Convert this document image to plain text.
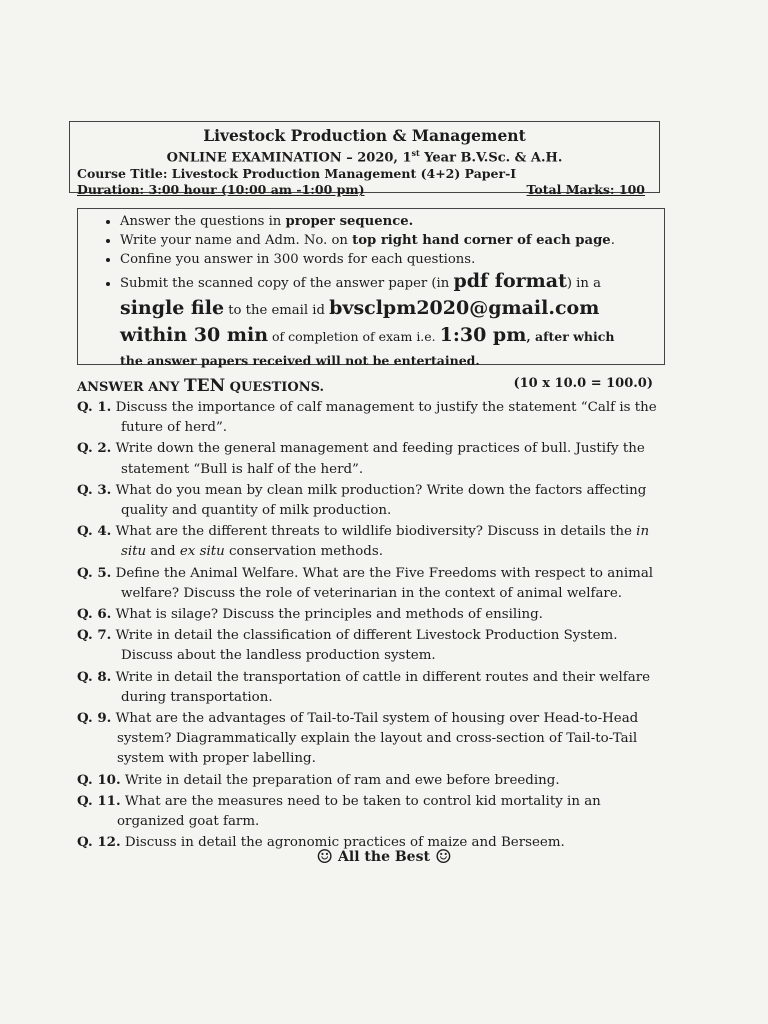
Livestock Production & Management
ONLINE EXAMINATION – 2020, 1st Year B.V.Sc. & A.H.
Course Title: Livestock Production Management (4+2) Paper-I
Duration: 3:00 hour (10:00 am -1:00 pm)	Total Marks: 100
• Answer the questions in proper sequence.
• Write your name and Adm. No. on top right hand corner of each page.
• Confine you answer in 300 words for each questions.
• Submit the scanned copy of the answer paper (in pdf format) in a
single file to the email id bvsclpm2020@gmail.com
within 30 min of completion of exam i.e. 1:30 pm, after which
the answer papers received will not be entertained.
ANSWER ANY TEN QUESTIONS.	(10 x 10.0 = 100.0)
Q. 1. Discuss the importance of calf management to justify the statement “Calf is the
future of herd”.
Q. 2. Write down the general management and feeding practices of bull. Justify the
statement “Bull is half of the herd”.
Q. 3. What do you mean by clean milk production? Write down the factors affecting
quality and quantity of milk production.
Q. 4. What are the different threats to wildlife biodiversity? Discuss in details the in
situ and ex situ conservation methods.
Q. 5. Define the Animal Welfare. What are the Five Freedoms with respect to animal
welfare? Discuss the role of veterinarian in the context of animal welfare.
Q. 6. What is silage? Discuss the principles and methods of ensiling.
Q. 7. Write in detail the classification of different Livestock Production System.
Discuss about the landless production system.
Q. 8. Write in detail the transportation of cattle in different routes and their welfare
during transportation.
Q. 9. What are the advantages of Tail-to-Tail system of housing over Head-to-Head
system? Diagrammatically explain the layout and cross-section of Tail-to-Tail
system with proper labelling.
Q. 10. Write in detail the preparation of ram and ewe before breeding.
Q. 11. What are the measures need to be taken to control kid mortality in an
organized goat farm.
Q. 12. Discuss in detail the agronomic practices of maize and Berseem.
☺ All the Best ☺
